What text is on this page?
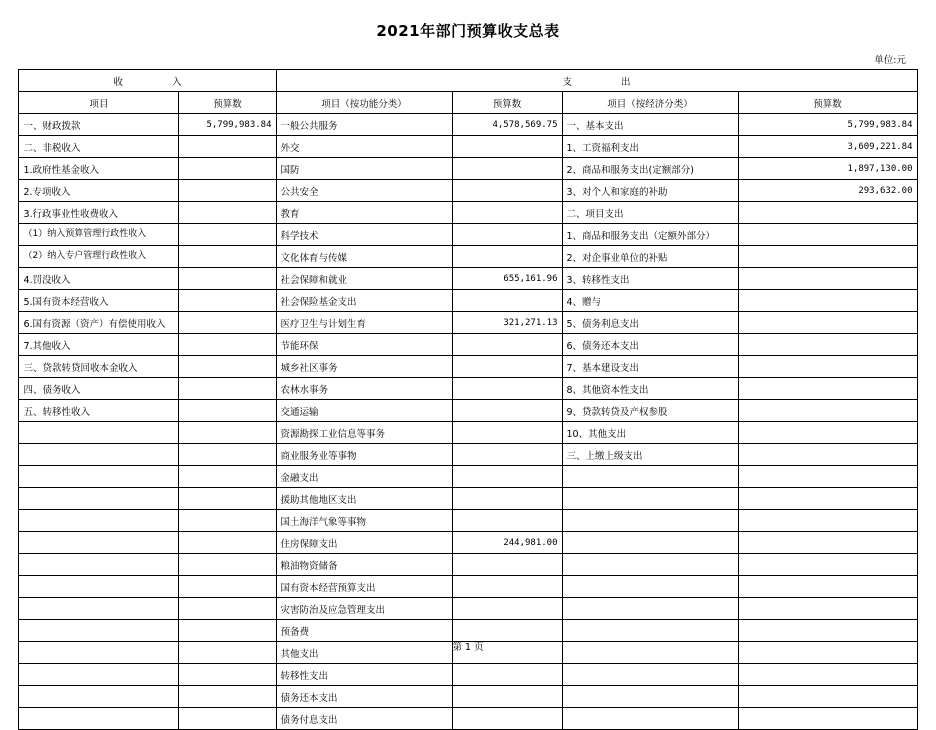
2021年部门预算收支总表
单位:元
收　　入		支　　出			
项目	预算数	项目（按功能分类）	预算数	项目（按经济分类）	预算数
一、财政拨款	5,799,983.84	一般公共服务	4,578,569.75	一、基本支出	5,799,983.84
二、非税收入		外交		1、工资福利支出	3,609,221.84
1.政府性基金收入		国防		2、商品和服务支出(定额部分)	1,897,130.00
2.专项收入		公共安全		3、对个人和家庭的补助	293,632.00
3.行政事业性收费收入		教育		二、项目支出	
（1）纳入预算管理行政性收入		科学技术		1、商品和服务支出（定额外部分）	
（2）纳入专户管理行政性收入		文化体育与传媒		2、对企事业单位的补贴	
4.罚没收入		社会保障和就业	655,161.96	3、转移性支出	
5.国有资本经营收入		社会保险基金支出		4、赠与	
6.国有资源（资产）有偿使用收入		医疗卫生与计划生育	321,271.13	5、债务利息支出	
7.其他收入		节能环保		6、债务还本支出	
三、贷款转贷回收本金收入		城乡社区事务		7、基本建设支出	
四、债务收入		农林水事务		8、其他资本性支出	
五、转移性收入		交通运输		9、贷款转贷及产权参股	
		资源勘探工业信息等事务		10、其他支出	
		商业服务业等事物		三、上缴上级支出	
		金融支出			
		援助其他地区支出			
		国土海洋气象等事物			
		住房保障支出	244,981.00		
		粮油物资储备			
		国有资本经营预算支出			
		灾害防治及应急管理支出			
		预备费			
		其他支出			
		转移性支出			
		债务还本支出			
		债务付息支出			
第 1 页
